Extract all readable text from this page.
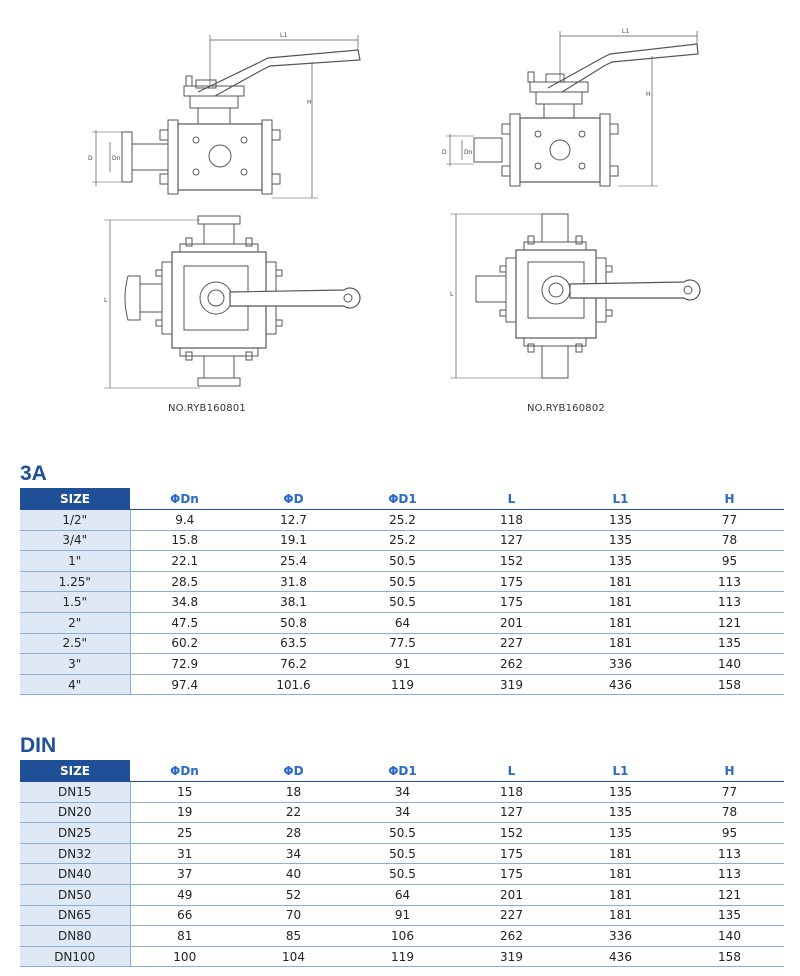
L1
H
L
D	Dn
L1
H
L
D	Dn
NO.RYB160801	NO.RYB160802
3A
SIZE	ΦDn	ΦD	ΦD1	L	L1	H
1/2"	9.4	12.7	25.2	118	135	77
3/4"	15.8	19.1	25.2	127	135	78
1"	22.1	25.4	50.5	152	135	95
1.25"	28.5	31.8	50.5	175	181	113
1.5"	34.8	38.1	50.5	175	181	113
2"	47.5	50.8	64	201	181	121
2.5"	60.2	63.5	77.5	227	181	135
3"	72.9	76.2	91	262	336	140
4"	97.4	101.6	119	319	436	158
DIN
SIZE	ΦDn	ΦD	ΦD1	L	L1	H
DN15	15	18	34	118	135	77
DN20	19	22	34	127	135	78
DN25	25	28	50.5	152	135	95
DN32	31	34	50.5	175	181	113
DN40	37	40	50.5	175	181	113
DN50	49	52	64	201	181	121
DN65	66	70	91	227	181	135
DN80	81	85	106	262	336	140
DN100	100	104	119	319	436	158
